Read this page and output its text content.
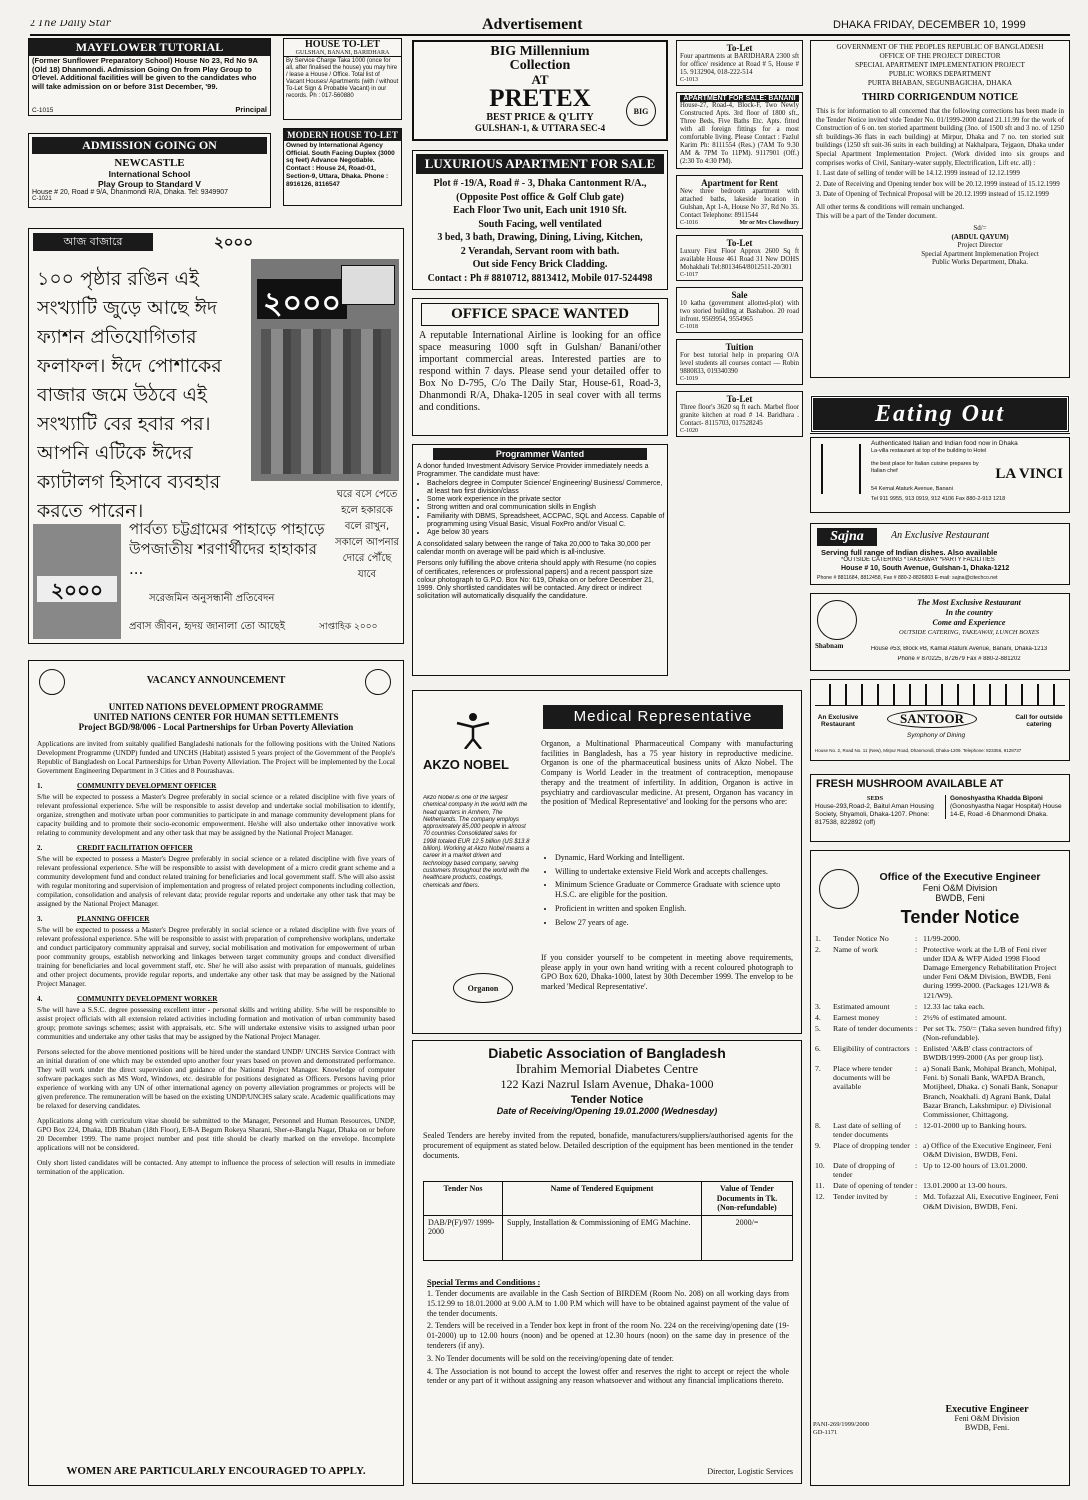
2 The Daily Star	Advertisement	DHAKA FRIDAY, DECEMBER 10, 1999
MAYFLOWER TUTORIAL
(Former Sunflower Preparatory School) House No 23, Rd No 9A (Old 18) Dhanmondi. Admission Going On from Play Group to O'level. Additional facilities will be given to the candidates who will take admission on or before 31st December, '99.
C-1015	Principal
HOUSE TO-LET
GULSHAN, BANANI, BARIDHARA
By Service Charge Taka 1000 (once for all, after finalised the house) you may hire / lease a House / Office. Total list of Vacant Houses/ Apartments (with / without To-Let Sign & Probable Vacant) in our records. Ph : 017-560880
ADMISSION GOING ON
NEWCASTLE
International School
Play Group to Standard V
House # 20, Road # 9/A, Dhanmondi R/A, Dhaka. Tel: 9349907
C-1021
MODERN HOUSE TO-LET
Owned by International Agency Official. South Facing Duplex (3000 sq feet) Advance Negotiable. Contact : House 24, Road-01, Section-9, Uttara, Dhaka. Phone : 8916126, 8116547
আজ বাজারে	২০০০
১০০ পৃষ্ঠার রঙিন এই সংখ্যাটি জুড়ে আছে ঈদ ফ্যাশন প্রতিযোগিতার ফলাফল। ঈদে পোশাকের বাজার জমে উঠবে এই সংখ্যাটি বের হবার পর। আপনি এটিকে ঈদের ক্যাটালগ হিসাবে ব্যবহার করতে পারেন।
২০০০
২০০০
পার্বত্য চট্টগ্রামের পাহাড়ে পাহাড়ে উপজাতীয় শরণার্থীদের হাহাকার ...
সরেজমিন অনুসন্ধানী প্রতিবেদন
ঘরে বসে পেতে হলে হকারকে বলে রাখুন, সকালে আপনার দোরে পৌঁছে যাবে
প্রবাস জীবন, হৃদয় জানালা তো আছেই	সাপ্তাহিক ২০০০
BIG Millennium
Collection
AT
PRETEX	BIG
BEST PRICE & Q'LITY
GULSHAN-1, & UTTARA SEC-4
LUXURIOUS APARTMENT FOR SALE
Plot # -19/A, Road # - 3, Dhaka Cantonment R/A.,
(Opposite Post office & Golf Club gate)
Each Floor Two unit, Each unit 1910 Sft.
South Facing, well ventilated
3 bed, 3 bath, Drawing, Dining, Living, Kitchen,
2 Verandah, Servant room with bath.
Out side Fency Brick Cladding.
Contact : Ph # 8810712, 8813412, Mobile 017-524498
OFFICE SPACE WANTED
A reputable International Airline is looking for an office space measuring 1000 sqft in Gulshan/ Banani/other important commercial areas. Interested parties are to respond within 7 days. Please send your detailed offer to Box No D-795, C/o The Daily Star, House-61, Road-3, Dhanmondi R/A, Dhaka-1205 in seal cover with all terms and conditions.
Programmer Wanted
A donor funded Investment Advisory Service Provider immediately needs a Programmer. The candidate must have:
• Bachelors degree in Computer Science/ Engineering/ Business/ Commerce, at least two first division/class
• Some work experience in the private sector
• Strong written and oral communication skills in English
• Familiarity with DBMS, Spreadsheet, ACCPAC, SQL and Access. Capable of programming using Visual Basic, Visual FoxPro and/or Visual C.
• Age below 30 years
A consolidated salary between the range of Taka 20,000 to Taka 30,000 per calendar month on average will be paid which is all-inclusive.
Persons only fulfilling the above criteria should apply with Resume (no copies of certificates, references or professional papers) and a recent passport size colour photograph to G.P.O. Box No: 619, Dhaka on or before December 21, 1999. Only shortlisted candidates will be contacted. Any direct or indirect solicitation will automatically disqualify the candidature.
To-Let
Four apartments at BARIDHARA 2300 sft for office/ residence at Road # 5, House # 15. 9132904, 018-222-514
C-1013
APARTMENT FOR SALE: BANANI
House-27, Road-4, Block-F, Two Newly Constructed Apts. 3rd floor of 1800 sft., Three Beds, Five Baths Etc. Apts. fitted with all foreign fittings for a most comfortable living. Please Contact : Fazlul Karim Ph: 8111554 (Res.) (7AM To 9.30 AM & 7PM To 11PM). 9117901 (Off.) (2:30 To 4:30 PM).
Apartment for Rent
New three bedroom apartment with attached baths, lakeside location in Gulshan, Apt 1-A, House No 37, Rd No 35. Contact Telephone: 8911544
C-1016	Mr or Mrs Chowdhury
To-Let
Luxury First Floor Approx 2600 Sq ft available House 461 Road 31 New DOHS Mohakhali Tel:8013464/8012511-20/301
C-1017
Sale
10 katha (government allotted-plot) with two storied building at Bashaboo. 20 road infront. 9569954, 9554965
C-1018
Tuition
For best tutorial help in preparing O/A level students all courses contact — Robin 9880833, 019340390
C-1019
To-Let
Three floor's 3620 sq ft each. Marbel floor granite kitchen at road # 14. Baridhara . Contact- 8115703, 017528245
C-1020
GOVERNMENT OF THE PEOPLES REPUBLIC OF BANGLADESH
OFFICE OF THE PROJECT DIRECTOR
SPECIAL APARTMENT IMPLEMENTATION PROJECT
PUBLIC WORKS DEPARTMENT
PURTA BHABAN, SEGUNBAGICHA, DHAKA
THIRD CORRIGENDUM NOTICE
This is for information to all concerned that the following corrections has been made in the Tender Notice invited vide Tender No. 01/1999-2000 dated 21.11.99 for the work of Construction of 6 on. ten storied apartment building (3no. of 1500 sft and 3 no. of 1250 sft buildings-36 flats in each building) at Mirpur, Dhaka and 7 no. ten storied suit buildings (1250 sft suit-36 suits in each building) at Nakhalpara, Tejgaon, Dhaka under Special Apartment Implementation Project. (Work divided into six groups and comprises works of Civil, Sanitary-water supply, Electrification, Lift etc. all) :
1. Last date of selling of tender will be 14.12.1999 instead of 12.12.1999
2. Date of Receiving and Opening tender box will be 20.12.1999 instead of 15.12.1999
3. Date of Opening of Technical Proposal will be 20.12.1999 instead of 15.12.1999
All other terms & conditions will remain unchanged.
This will be a part of the Tender document.
Sd/=
(ABDUL QAYUM)
Project Director
Special Apartment Implemenation Project
Public Works Department, Dhaka.
Eating Out
Authenticated Italian and Indian food now in Dhaka
La-villa restaurant at top of the building to Hotel
the best place for Italian cuisine prepares by Italian chef	LA VINCI
54 Kemal Ataturk Avenue, Banani
Tel 911 9955, 913 0919, 912 4106 Fax 880-2-913 1218
Sajna	An Exclusive Restaurant
Serving full range of Indian dishes. Also available
*OUTSIDE CATERING *TAKEAWAY *PARTY FACILITIES
House # 10, South Avenue, Gulshan-1, Dhaka-1212
Phone # 8811684, 8812458, Fax # 880-2-8826803 E-mail: sajna@citechco.net
Shabnam
The Most Exclusive Restaurant
In the country
Come and Experience
OUTSIDE CATERING, TAKEAWAY, LUNCH BOXES
House #53, Block #B, Kamal Ataturk Avenue, Banani, Dhaka-1213
Phone # 870225, 872679 Fax # 880-2-881202
An Exclusive Restaurant	SANTOOR
Symphony of Dining
Call for outside catering
House No. 2, Road No. 11 (New), Mirpur Road, Dhanmondi, Dhaka-1209. Telephone: 823356, 9128737
FRESH MUSHROOM AVAILABLE AT
SEDS
House-293,Road-2, Baitul Aman Housing Society, Shyamoli, Dhaka-1207. Phone: 817538, 822892 (off)
Gonoshyastha Khadda Biponi
(Gonoshyastha Nagar Hospital) House 14-E, Road -6 Dhanmondi Dhaka.
VACANCY ANNOUNCEMENT
UNITED NATIONS DEVELOPMENT PROGRAMME
UNITED NATIONS CENTER FOR HUMAN SETTLEMENTS
Project BGD/98/006 - Local Partnerships for Urban Poverty Alleviation
Applications are invited from suitably qualified Bangladeshi nationals for the following positions with the United Nations Development Programme (UNDP) funded and UNCHS (Habitat) assisted 5 years project of the Government of the People's Republic of Bangladesh on Local Partnerships for Urban Poverty Alleviation. The Project will be implemented by the Local Government Engineering Department in 3 Cities and 8 Pourashavas.
1.	COMMUNITY DEVELOPMENT OFFICER
S/he will be expected to possess a Master's Degree preferably in social science or a related discipline with five years of relevant professional experience. S/he will be responsible to assist develop and undertake social mobilisation to identify, organize, strengthen and motivate urban poor communities to participate in and manage community development plans for capacity building and to promote their socio-economic empowerment. He/she will also undertake other innovative work relating to community development and any other task that may be assigned by the National Project Manager.
2.	CREDIT FACILITATION OFFICER
S/he will be expected to possess a Master's Degree preferably in social science or a related discipline with five years of relevant professional experience. S/he will be responsible to assist with development of a micro credit grant scheme and a community development fund and conduct related training for beneficiaries and local government staff. S/he will also assist with regular monitoring and supervision of implementation and progress of related project components including collection, compilation, consolidation and analysis of relevant data; provide regular reports and undertake any other task that may be assigned by the National Project Manager.
3.	PLANNING OFFICER
S/he will be expected to possess a Master's Degree preferably in social science or a related discipline with five years of relevant professional experience. S/he will be responsible to assist with preparation of comprehensive workplans, undertake and conduct participatory community appraisal and survey, social mobilisation and motivation for empowerment of urban poor community groups, establish networking and linkages between target community groups and conduct diversified training for beneficiaries and local government staff, etc. She/ he will also assist with preparation of manuals, guidelines and other project documents, provide regular reports, and undertake any other task that may be assigned by the National Project Manager.
4.	COMMUNITY DEVELOPMENT WORKER
S/he will have a S.S.C. degree possessing excellent inter - personal skills and writing ability. S/he will be responsible to assist project officials with all extension related activities including formation and motivation of urban community based group; promote savings schemes; assist with appraisals, etc. S/he will undertake extensive visits to assigned urban poor communities and undertake any other tasks that may be assigned by the National Project Manager.
Persons selected for the above mentioned positions will be hired under the standard UNDP/ UNCHS Service Contract with an initial duration of one which may be extended upto another four years based on proven and demonstrated performance. They will work under the direct supervision and guidance of the National Project Manager. Knowledge of computer software packages such as MS Word, Windows, etc. desirable for positions designated as Officers. Persons having prior experience of working with any UN of other international agency on poverty alleviation programmes or projects will be given preference. The remuneration will be based on the existing UNDP/UNCHS salary scale. Academic qualifications may be relaxed for deserving candidates.
Applications along with curriculum vitae should be submitted to the Manager, Personnel and Human Resources, UNDP, GPO Box 224, Dhaka, IDB Bhaban (18th Floor), E/8-A Begum Rokeya Sharani, Sher-e-Bangla Nagar, Dhaka on or before 20 December 1999. The name project number and post title should be clearly marked on the envelope. Incomplete applications will not be considered.
Only short listed candidates will be contacted. Any attempt to influence the process of selection will results in immediate termination of the application.
WOMEN ARE PARTICULARLY ENCOURAGED TO APPLY.
AKZO NOBEL
Akzo Nobel is one of the largest chemical company in the world with the head quarters in Arnhem, The Netherlands. The company employs approximately 85,000 people in almost 70 countries Consolidated sales for 1998 totaled EUR 12.5 billion (US $13.8 billion). Working at Akzo Nobel means a career in a market driven and technology based company, serving customers throughout the world with the healthcare products, coatings, chemicals and fibers.
Organon
Medical Representative
Organon, a Multinational Pharmaceutical Company with manufacturing facilities in Bangladesh, has a 75 year history in reproductive medicine. Organon is one of the pharmaceutical business units of Akzo Nobel. The Company is World Leader in the treatment of contraception, menopause therapy and the treatment of infertility. In addition, Organon is active in psychiatry and cardiovascular medicine. At present, Organon has vacancy in the position of 'Medical Representative' and looking for the persons who are:
• Dynamic, Hard Working and Intelligent.
• Willing to undertake extensive Field Work and accepts challenges.
• Minimum Science Graduate or Commerce Graduate with science upto H.S.C. are eligible for the position.
• Proficient in written and spoken English.
• Below 27 years of age.
If you consider yourself to be competent in meeting above requirements, please apply in your own hand writing with a recent coloured photograph to GPO Box 620, Dhaka-1000, latest by 30th December 1999. The envelop to be marked 'Medical Representative'.
Diabetic Association of Bangladesh
Ibrahim Memorial Diabetes Centre
122 Kazi Nazrul Islam Avenue, Dhaka-1000
Tender Notice
Date of Receiving/Opening 19.01.2000 (Wednesday)
Sealed Tenders are hereby invited from the reputed, bonafide, manufacturers/suppliers/authorised agents for the procurement of equipment as stated below. Detailed description of the equipment has been mentioned in the tender documents.
Tender Nos	Name of Tendered Equipment	Value of Tender Documents in Tk. (Non-refundable)
DAB/P(F)/97/ 1999-2000	Supply, Installation & Commissioning of EMG Machine.	2000/=
Special Terms and Conditions :
1. Tender documents are available in the Cash Section of BIRDEM (Room No. 208) on all working days from 15.12.99 to 18.01.2000 at 9.00 A.M to 1.00 P.M which will have to be obtained against payment of the value of the tender documents.
2. Tenders will be received in a Tender box kept in front of the room No. 224 on the receiving/opening date (19-01-2000) up to 12.00 hours (noon) and be opened at 12.30 hours (noon) on the same day in presence of the tenderers (if any).
3. No Tender documents will be sold on the receiving/opening date of tender.
4. The Association is not bound to accept the lowest offer and reserves the right to accept or reject the whole tender or any part of it without assigning any reason whatsoever and without any financial implications thereto.
Director, Logistic Services
Office of the Executive Engineer
Feni O&M Division
BWDB, Feni
Tender Notice
1.	Tender Notice No	: 11/99-2000.
2.	Name of work	: Protective work at the L/B of Feni river under IDA & WFP Aided 1998 Flood Damage Emergency Rehabilitation Project under Feni O&M Division, BWDB, Feni during 1999-2000. (Packages 121/W8 & 121/W9).
3.	Estimated amount	: 12.33 lac taka each.
4.	Earnest money	: 2½% of estimated amount.
5.	Rate of tender documents : Per set Tk. 750/= (Taka seven hundred fifty) (Non-refundable).
6.	Eligibility of contractors : Enlisted 'A&B' class contractors of BWDB/1999-2000 (As per group list).
7.	Place where tender documents will be available
: a) Sonali Bank, Mohipal Branch, Mohipal, Feni. b) Sonali Bank, WAPDA Branch, Motijheel, Dhaka. c) Sonali Bank, Sonapur Branch, Noakhali. d) Agrani Bank, Dalal Bazar Branch, Lakshmipur. e) Divisional Commissioner, Chittagong.
8.	Last date of selling of tender documents
: 12-01-2000 up to Banking hours.
9.	Place of dropping tender : a) Office of the Executive Engineer, Feni O&M Division, BWDB, Feni.
10.	Date of dropping of tender
: Up to 12-00 hours of 13.01.2000.
11.	Date of opening of tender : 13.01.2000 at 13-00 hours.
12.	Tender invited by	: Md. Tofazzal Ali, Executive Engineer, Feni O&M Division, BWDB, Feni.
PANI-269/1999/2000
GD-1171
Executive Engineer
Feni O&M Division
BWDB, Feni.
